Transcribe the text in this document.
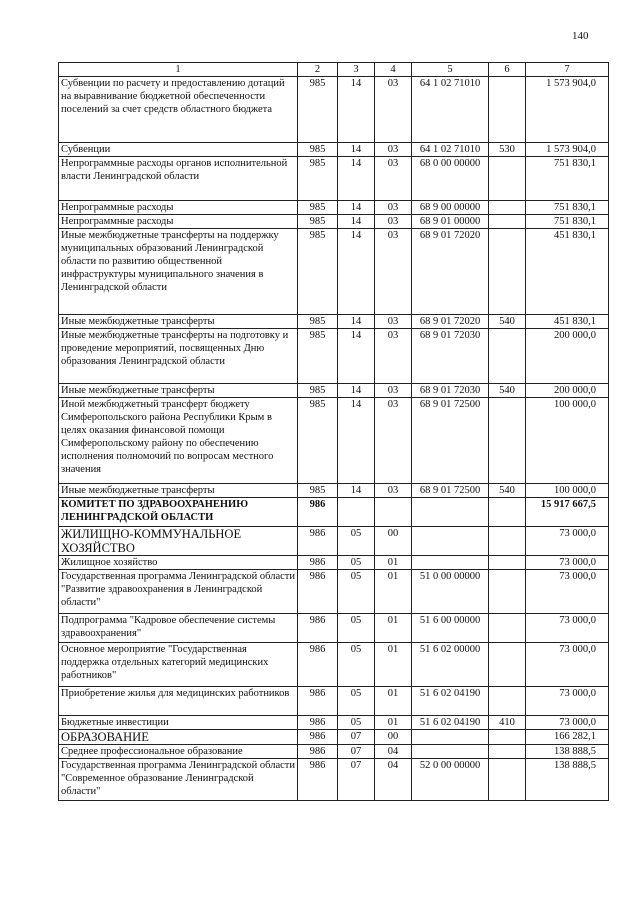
140
1	2	3	4	5	6	7
Субвенции по расчету и предоставлению дотаций на выравнивание бюджетной обеспеченности поселений за счет средств областного бюджета	985	14	03	64 1 02 71010		1 573 904,0
Субвенции	985	14	03	64 1 02 71010	530	1 573 904,0
Непрограммные расходы органов исполнительной власти Ленинградской области	985	14	03	68 0 00 00000		751 830,1
Непрограммные расходы	985	14	03	68 9 00 00000		751 830,1
Непрограммные расходы	985	14	03	68 9 01 00000		751 830,1
Иные межбюджетные трансферты на поддержку муниципальных образований Ленинградской области по развитию общественной инфраструктуры муниципального значения в Ленинградской области	985	14	03	68 9 01 72020		451 830,1
Иные межбюджетные трансферты	985	14	03	68 9 01 72020	540	451 830,1
Иные межбюджетные трансферты на подготовку и проведение мероприятий, посвященных Дню образования Ленинградской области	985	14	03	68 9 01 72030		200 000,0
Иные межбюджетные трансферты	985	14	03	68 9 01 72030	540	200 000,0
Иной межбюджетный трансферт бюджету Симферопольского района Республики Крым в целях оказания финансовой помощи Симферопольскому району по обеспечению исполнения полномочий по вопросам местного значения	985	14	03	68 9 01 72500		100 000,0
Иные межбюджетные трансферты	985	14	03	68 9 01 72500	540	100 000,0
КОМИТЕТ ПО ЗДРАВООХРАНЕНИЮ ЛЕНИНГРАДСКОЙ ОБЛАСТИ	986					15 917 667,5
ЖИЛИЩНО-КОММУНАЛЬНОЕ ХОЗЯЙСТВО	986	05	00			73 000,0
Жилищное хозяйство	986	05	01			73 000,0
Государственная программа Ленинградской области "Развитие здравоохранения в Ленинградской области"	986	05	01	51 0 00 00000		73 000,0
Подпрограмма "Кадровое обеспечение системы здравоохранения"	986	05	01	51 6 00 00000		73 000,0
Основное мероприятие "Государственная поддержка отдельных категорий медицинских работников"	986	05	01	51 6 02 00000		73 000,0
Приобретение жилья для медицинских работников	986	05	01	51 6 02 04190		73 000,0
Бюджетные инвестиции	986	05	01	51 6 02 04190	410	73 000,0
ОБРАЗОВАНИЕ	986	07	00			166 282,1
Среднее профессиональное образование	986	07	04			138 888,5
Государственная программа Ленинградской области "Современное образование Ленинградской области"	986	07	04	52 0 00 00000		138 888,5
